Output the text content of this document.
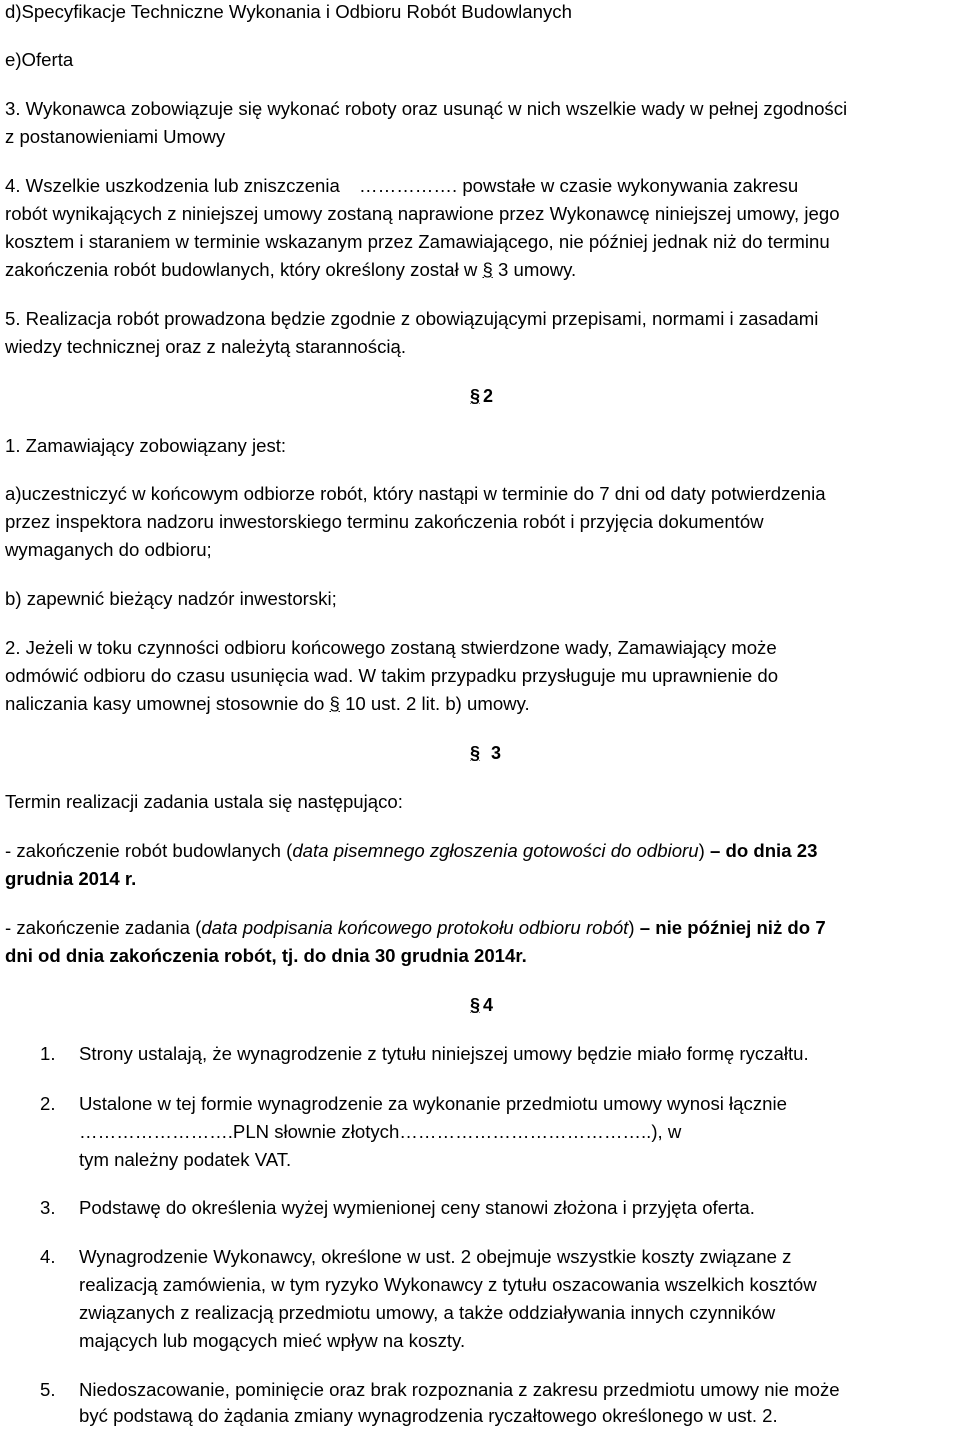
d)Specyfikacje Techniczne Wykonania i Odbioru Robót Budowlanych
e)Oferta
3. Wykonawca zobowiązuje się wykonać roboty oraz usunąć w nich wszelkie wady w pełnej zgodności
z postanowieniami Umowy
4. Wszelkie uszkodzenia lub zniszczenia ……………. powstałe w czasie wykonywania zakresu
robót wynikających z niniejszej umowy zostaną naprawione przez Wykonawcę niniejszej umowy, jego
kosztem i staraniem w terminie wskazanym przez Zamawiającego, nie później jednak niż do terminu
zakończenia robót budowlanych, który określony został w § 3 umowy.
5. Realizacja robót prowadzona będzie zgodnie z obowiązującymi przepisami, normami i zasadami
wiedzy technicznej oraz z należytą starannością.
§ 2
1. Zamawiający zobowiązany jest:
a)uczestniczyć w końcowym odbiorze robót, który nastąpi w terminie do 7 dni od daty potwierdzenia
przez inspektora nadzoru inwestorskiego terminu zakończenia robót i przyjęcia dokumentów
wymaganych do odbioru;
b) zapewnić bieżący nadzór inwestorski;
2. Jeżeli w toku czynności odbioru końcowego zostaną stwierdzone wady, Zamawiający może
odmówić odbioru do czasu usunięcia wad. W takim przypadku przysługuje mu uprawnienie do
naliczania kasy umownej stosownie do § 10 ust. 2 lit. b) umowy.
§ 3
Termin realizacji zadania ustala się następująco:
- zakończenie robót budowlanych (data pisemnego zgłoszenia gotowości do odbioru) – do dnia 23
grudnia 2014 r.
- zakończenie zadania (data podpisania końcowego protokołu odbioru robót) – nie później niż do 7
dni od dnia zakończenia robót, tj. do dnia 30 grudnia 2014r.
§ 4
1. Strony ustalają, że wynagrodzenie z tytułu niniejszej umowy będzie miało formę ryczałtu.
2. Ustalone w tej formie wynagrodzenie za wykonanie przedmiotu umowy wynosi łącznie
…………………….PLN słownie złotych…………………………………..), w
tym należny podatek VAT.
3. Podstawę do określenia wyżej wymienionej ceny stanowi złożona i przyjęta oferta.
4. Wynagrodzenie Wykonawcy, określone w ust. 2 obejmuje wszystkie koszty związane z
realizacją zamówienia, w tym ryzyko Wykonawcy z tytułu oszacowania wszelkich kosztów
związanych z realizacją przedmiotu umowy, a także oddziaływania innych czynników
mających lub mogących mieć wpływ na koszty.
5. Niedoszacowanie, pominięcie oraz brak rozpoznania z zakresu przedmiotu umowy nie może
być podstawą do żądania zmiany wynagrodzenia ryczałtowego określonego w ust. 2.
